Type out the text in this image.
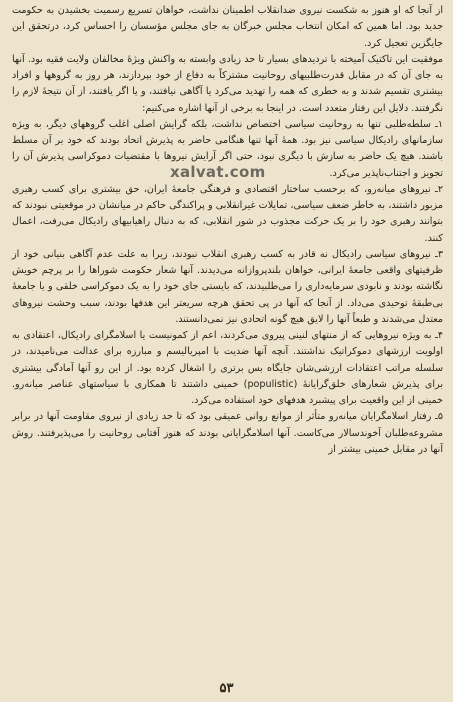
از آنجا که او هنوز به شکست نیروی ضدانقلاب اطمینان نداشت، خواهان تسریع رسمیت بخشیدن به حکومت جدید بود. اما همین که امکان انتخاب مجلس خبرگان به جای مجلس مؤسسان را احساس کرد، درتحقق این جایگزین تعجیل کرد.

موفقیت این تاکتیک آمیخته با تردیدهای بسیار تا حد زیادی وابسته به واکنش ویژهٔ مخالفان ولایت فقیه بود. آنها به جای آن که در مقابل قدرت‌طلبیهای روحانیت مشترکاً به دفاع از خود بپردازند، هر روز به گروهها و افراد بیشتری تقسیم شدند و به خطری که همه را تهدید می‌کرد یا آگاهی نیافتند، و یا اگر یافتند، از آن نتیجهٔ لازم را نگرفتند. دلایل این رفتار متعدد است. در اینجا به برخی از آنها اشاره می‌کنیم:

۱ـ سلطه‌طلبی تنها به روحانیت سیاسی اختصاص نداشت، بلکه گرایش اصلی اغلب گروههای دیگر، به ویژه سازمانهای رادیکال سیاسی نیز بود. همهٔ آنها تنها هنگامی حاضر به پذیرش اتحاد بودند که خود بر آن مسلط باشند. هیچ یک حاضر به سازش با دیگری نبود، حتی اگر آرایش نیروها با مقتضیات دموکراسی پذیرش آن را تجویز و اجتناب‌ناپذیر می‌کرد.

۲ـ نیروهای میانه‌رو، که برحسب ساختار اقتصادی و فرهنگی جامعهٔ ایران، حق بیشتری برای کسب رهبری مزبور داشتند، به خاطر ضعف سیاسی، تمایلات غیرانقلابی و پراکندگی حاکم در میانشان در موقعیتی نبودند که بتوانند رهبری خود را بر یک حرکت مجذوب در شور انقلابی، که به دنبال راهیابیهای رادیکال می‌رفت، اعمال کنند.

۳ـ نیروهای سیاسی رادیکال نه قادر به کسب رهبری انقلاب نبودند، زیرا به علت عدم آگاهی بنیانی خود از ظرفیتهای واقعی جامعهٔ ایرانی، خواهان بلندپروازانه می‌دیدند. آنها شعار حکومت شوراها را بر پرچم خویش نگاشته بودند و نابودی سرمایه‌داری را می‌طلبیدند، که بایستی جای خود را به یک دموکراسی خلقی و یا جامعهٔ بی‌طبقهٔ توحیدی می‌داد. از آنجا که آنها در پی تحقق هرچه سریعتر این هدفها بودند، سبب وحشت نیروهای معتدل می‌شدند و طبعاً آنها را لایق هیچ گونه اتحادی نیز نمی‌دانستند.

۴ـ به ویژه نیروهایی که از منتهای لنینی پیروی می‌کردند، اعم از کمونیست یا اسلامگرای رادیکال، اعتقادی به اولویت ارزشهای دموکراتیک نداشتند. آنچه آنها ضدیت با امپریالیسم و مبارزه برای عدالت می‌نامیدند، در سلسله مراتب اعتقادات ارزشی‌شان جایگاه بس برتری را اشغال کرده بود. از این رو آنها آمادگی بیشتری برای پذیرش شعارهای خلق‌گرایانهٔ (populistic) خمینی داشتند تا همکاری با سیاستهای عناصر میانه‌رو. خمینی از این واقعیت برای پیشبرد هدفهای خود استفاده می‌کرد.

۵ـ رفتار اسلامگرایان میانه‌رو متأثر از موانع روانی عمیقی بود که تا حد زیادی از نیروی مقاومت آنها در برابر مشروعه‌طلبان آخوندسالار می‌کاست. آنها اسلامگرایانی بودند که هنوز آفتابی روحانیت را می‌پذیرفتند. روش آنها در مقابل خمینی بیشتر از

xalvat.com
۵۳
